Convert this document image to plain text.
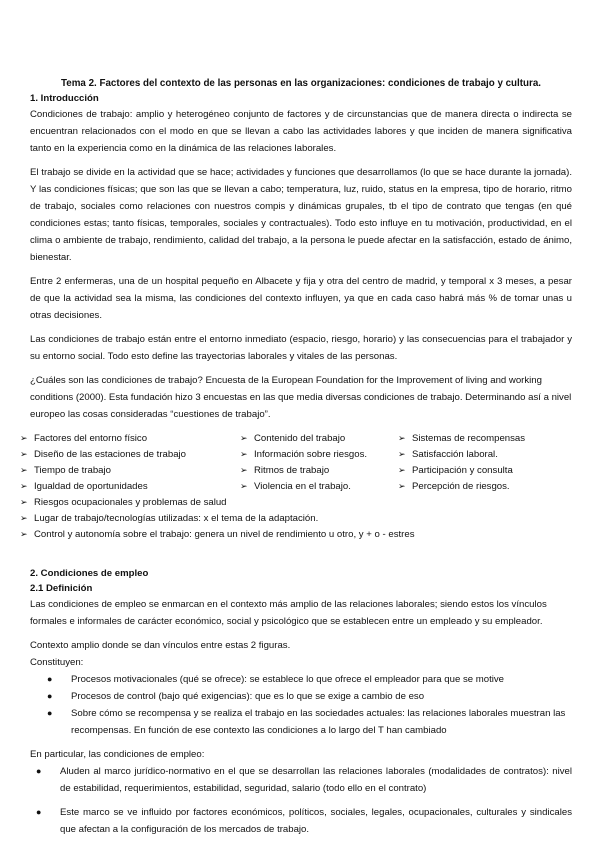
Tema 2. Factores del contexto de las personas en las organizaciones: condiciones de trabajo y cultura.
1. Introducción

Condiciones de trabajo: amplio y heterogéneo conjunto de factores y de circunstancias que de manera directa o indirecta se encuentran relacionados con el modo en que se llevan a cabo las actividades labores y que inciden de manera significativa tanto en la experiencia como en la dinámica de las relaciones laborales.

El trabajo se divide en la actividad que se hace; actividades y funciones que desarrollamos (lo que se hace durante la jornada). Y las condiciones físicas; que son las que se llevan a cabo; temperatura, luz, ruido, status en la empresa, tipo de horario, ritmo de trabajo, sociales como relaciones con nuestros compis y dinámicas grupales, tb el tipo de contrato que tengas (en qué condiciones estas; tanto físicas, temporales, sociales y contractuales). Todo esto influye en tu motivación, productividad, en el clima o ambiente de trabajo, rendimiento, calidad del trabajo, a la persona le puede afectar en la satisfacción, estado de ánimo, bienestar.

Entre 2 enfermeras, una de un hospital pequeño en Albacete y fija y otra del centro de madrid, y temporal x 3 meses, a pesar de que la actividad sea la misma, las condiciones del contexto influyen, ya que en cada caso habrá más % de tomar unas u otras decisiones.

Las condiciones de trabajo están entre el entorno inmediato (espacio, riesgo, horario) y las consecuencias para el trabajador y su entorno social. Todo esto define las trayectorias laborales y vitales de las personas.

¿Cuáles son las condiciones de trabajo? Encuesta de la European Foundation for the Improvement of living and working conditions (2000). Esta fundación hizo 3 encuestas en las que media diversas condiciones de trabajo. Determinando así a nivel europeo las cosas consideradas “cuestiones de trabajo”.

➢ Factores del entorno físico	➢ Contenido del trabajo	➢ Sistemas de recompensas
➢ Diseño de las estaciones de trabajo	➢ Información sobre riesgos.	➢ Satisfacción laboral.
➢ Tiempo de trabajo	➢ Ritmos de trabajo	➢ Participación y consulta
➢ Igualdad de oportunidades	➢ Violencia en el trabajo.	➢ Percepción de riesgos.
➢ Riesgos ocupacionales y problemas de salud
➢ Lugar de trabajo/tecnologías utilizadas: x el tema de la adaptación.
➢ Control y autonomía sobre el trabajo: genera un nivel de rendimiento u otro, y + o - estres
2. Condiciones de empleo
2.1 Definición

Las condiciones de empleo se enmarcan en el contexto más amplio de las relaciones laborales; siendo estos los vínculos formales e informales de carácter económico, social y psicológico que se establecen entre un empleado y su empleador.

Contexto amplio donde se dan vínculos entre estas 2 figuras.

Constituyen:

● Procesos motivacionales (qué se ofrece): se establece lo que ofrece el empleador para que se motive
● Procesos de control (bajo qué exigencias): que es lo que se exige a cambio de eso
● Sobre cómo se recompensa y se realiza el trabajo en las sociedades actuales: las relaciones laborales muestran las recompensas. En función de ese contexto las condiciones a lo largo del T han cambiado

En particular, las condiciones de empleo:

● Aluden al marco jurídico-normativo en el que se desarrollan las relaciones laborales (modalidades de contratos): nivel de estabilidad, requerimientos, estabilidad, seguridad, salario (todo ello en el contrato)
● Este marco se ve influido por factores económicos, políticos, sociales, legales, ocupacionales, culturales y sindicales que afectan a la configuración de los mercados de trabajo.
